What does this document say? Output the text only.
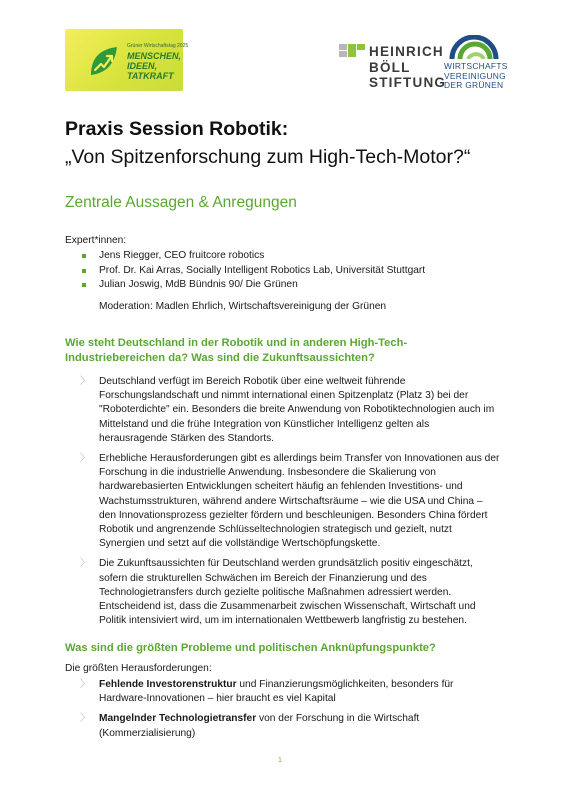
Grüner Wirtschaftstag 2025
MENSCHEN,
IDEEN,
TATKRAFT
HEINRICH
BÖLL
STIFTUNG
WIRTSCHAFTS
VEREINIGUNG
DER GRÜNEN
Praxis Session Robotik:
„Von Spitzenforschung zum High-Tech-Motor?“
Zentrale Aussagen & Anregungen
Expert*innen:
Jens Riegger, CEO fruitcore robotics
Prof. Dr. Kai Arras, Socially Intelligent Robotics Lab, Universität Stuttgart
Julian Joswig, MdB Bündnis 90/ Die Grünen
Moderation: Madlen Ehrlich, Wirtschaftsvereinigung der Grünen
Wie steht Deutschland in der Robotik und in anderen High-Tech-Industriebereichen da? Was sind die Zukunftsaussichten?
〉 Deutschland verfügt im Bereich Robotik über eine weltweit führende Forschungslandschaft und nimmt international einen Spitzenplatz (Platz 3) bei der "Roboterdichte" ein. Besonders die breite Anwendung von Robotiktechnologien auch im Mittelstand und die frühe Integration von Künstlicher Intelligenz gelten als herausragende Stärken des Standorts.
〉 Erhebliche Herausforderungen gibt es allerdings beim Transfer von Innovationen aus der Forschung in die industrielle Anwendung. Insbesondere die Skalierung von hardwarebasierten Entwicklungen scheitert häufig an fehlenden Investitions- und Wachstumsstrukturen, während andere Wirtschaftsräume – wie die USA und China – den Innovationsprozess gezielter fördern und beschleunigen. Besonders China fördert Robotik und angrenzende Schlüsseltechnologien strategisch und gezielt, nutzt Synergien und setzt auf die vollständige Wertschöpfungskette.
〉 Die Zukunftsaussichten für Deutschland werden grundsätzlich positiv eingeschätzt, sofern die strukturellen Schwächen im Bereich der Finanzierung und des Technologietransfers durch gezielte politische Maßnahmen adressiert werden. Entscheidend ist, dass die Zusammenarbeit zwischen Wissenschaft, Wirtschaft und Politik intensiviert wird, um im internationalen Wettbewerb langfristig zu bestehen.
Was sind die größten Probleme und politischen Anknüpfungspunkte?
Die größten Herausforderungen:
〉 Fehlende Investorenstruktur und Finanzierungsmöglichkeiten, besonders für Hardware-Innovationen – hier braucht es viel Kapital
〉 Mangelnder Technologietransfer von der Forschung in die Wirtschaft (Kommerzialisierung)
1
